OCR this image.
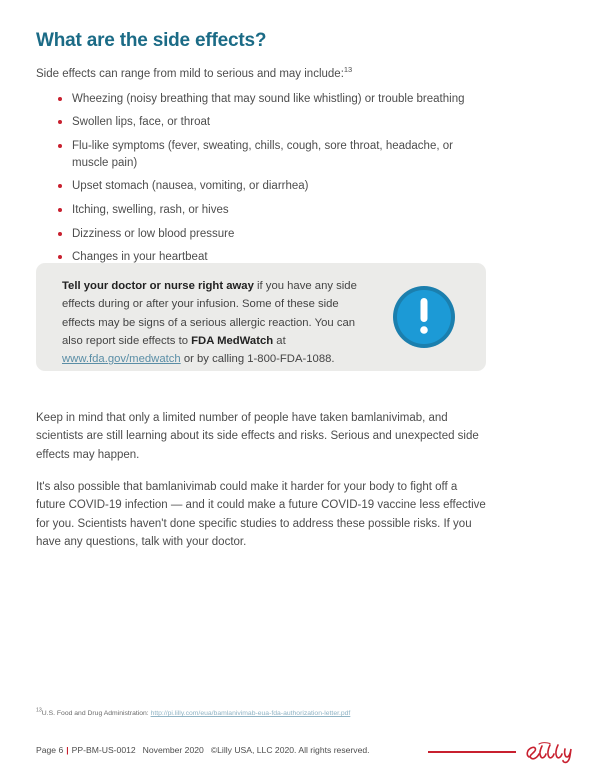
What are the side effects?

Side effects can range from mild to serious and may include:$^{13}$

Wheezing (noisy breathing that may sound like whistling) or trouble breathing
Swollen lips, face, or throat
Flu-like symptoms (fever, sweating, chills, cough, sore throat, headache, or muscle pain)
Upset stomach (nausea, vomiting, or diarrhea)
Itching, swelling, rash, or hives
Dizziness or low blood pressure
Changes in your heartbeat
Tell your doctor or nurse right away if you have any side effects during or after your infusion. Some of these side effects may be signs of a serious allergic reaction. You can also report side effects to FDA MedWatch at www.fda.gov/medwatch or by calling 1-800-FDA-1088.

Keep in mind that only a limited number of people have taken bamlanivimab, and scientists are still learning about its side effects and risks. Serious and unexpected side effects may happen.

It's also possible that bamlanivimab could make it harder for your body to fight off a future COVID-19 infection — and it could make a future COVID-19 vaccine less effective for you. Scientists haven't done specific studies to address these possible risks. If you have any questions, talk with your doctor.

$^{13}$U.S. Food and Drug Administration: http://pi.lilly.com/eua/bamlanivimab-eua-fda-authorization-letter.pdf
Page 6 | PP-BM-US-0012 November 2020 ©Lilly USA, LLC 2020. All rights reserved.
